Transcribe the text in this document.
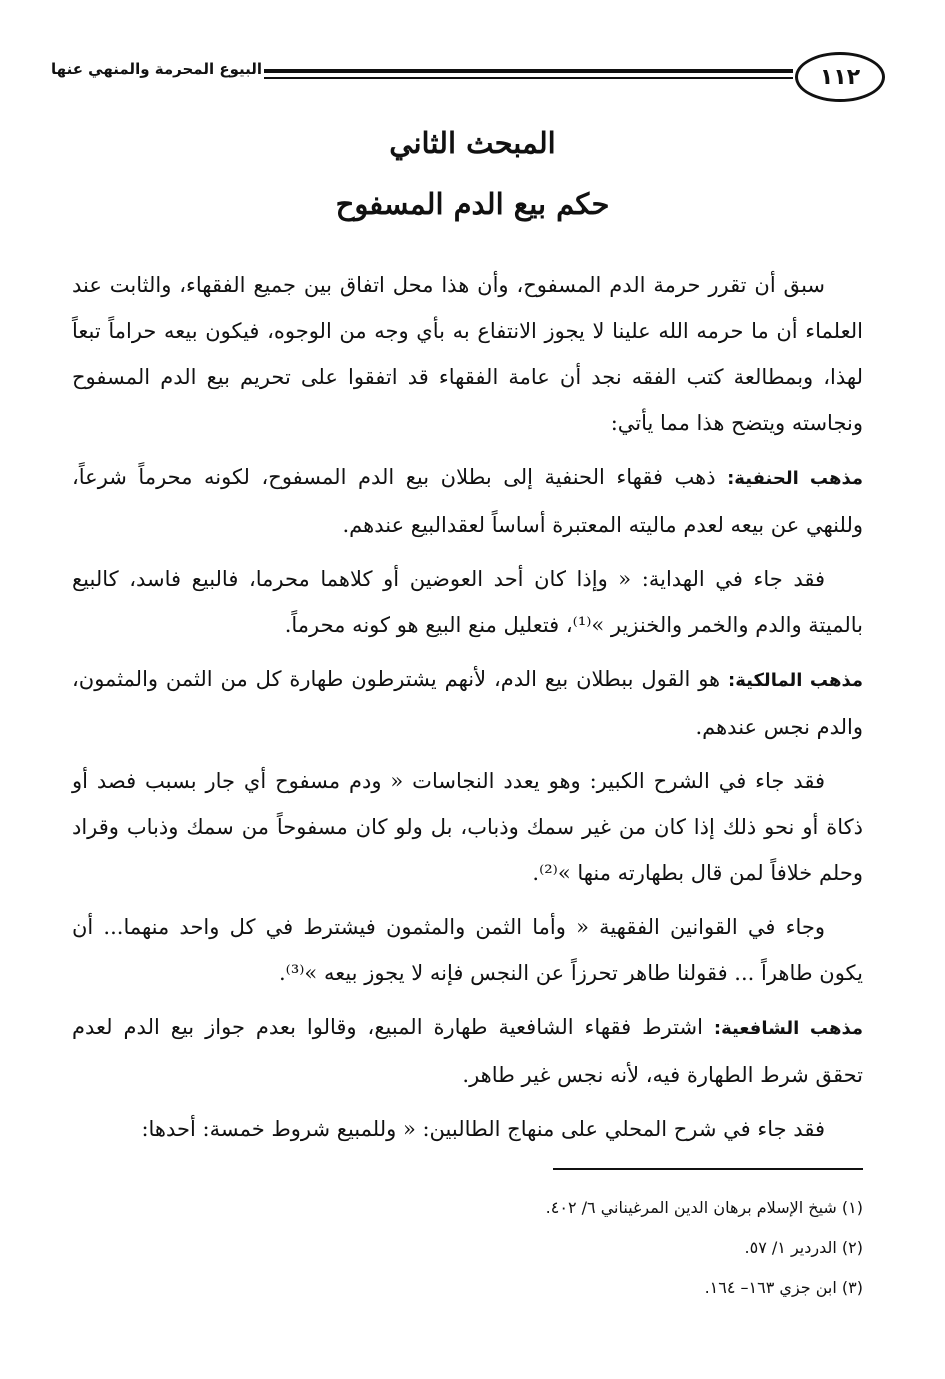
١١٢
البيوع المحرمة والمنهي عنها
المبحث الثاني
حكم بيع الدم المسفوح

سبق أن تقرر حرمة الدم المسفوح، وأن هذا محل اتفاق بين جميع الفقهاء، والثابت عند العلماء أن ما حرمه الله علينا لا يجوز الانتفاع به بأي وجه من الوجوه، فيكون بيعه حراماً تبعاً لهذا، وبمطالعة كتب الفقه نجد أن عامة الفقهاء قد اتفقوا على تحريم بيع الدم المسفوح ونجاسته ويتضح هذا مما يأتي:

مذهب الحنفية: ذهب فقهاء الحنفية إلى بطلان بيع الدم المسفوح، لكونه محرماً شرعاً، وللنهي عن بيعه لعدم ماليته المعتبرة أساساً لعقدالبيع عندهم.

فقد جاء في الهداية: « وإذا كان أحد العوضين أو كلاهما محرما، فالبيع فاسد، كالبيع بالميتة والدم والخمر والخنزير »⁽¹⁾، فتعليل منع البيع هو كونه محرماً.

مذهب المالكية: هو القول ببطلان بيع الدم، لأنهم يشترطون طهارة كل من الثمن والمثمون، والدم نجس عندهم.

فقد جاء في الشرح الكبير: وهو يعدد النجاسات « ودم مسفوح أي جار بسبب فصد أو ذكاة أو نحو ذلك إذا كان من غير سمك وذباب، بل ولو كان مسفوحاً من سمك وذباب وقراد وحلم خلافاً لمن قال بطهارته منها »⁽²⁾.

وجاء في القوانين الفقهية « وأما الثمن والمثمون فيشترط في كل واحد منهما... أن يكون طاهراً ... فقولنا طاهر تحرزاً عن النجس فإنه لا يجوز بيعه »⁽³⁾.

مذهب الشافعية: اشترط فقهاء الشافعية طهارة المبيع، وقالوا بعدم جواز بيع الدم لعدم تحقق شرط الطهارة فيه، لأنه نجس غير طاهر.

فقد جاء في شرح المحلي على منهاج الطالبين: « وللمبيع شروط خمسة: أحدها:

(١) شيخ الإسلام برهان الدين المرغيناني ٦/ ٤٠٢.

(٢) الدردير ١/ ٥٧.

(٣) ابن جزي ١٦٣– ١٦٤.
